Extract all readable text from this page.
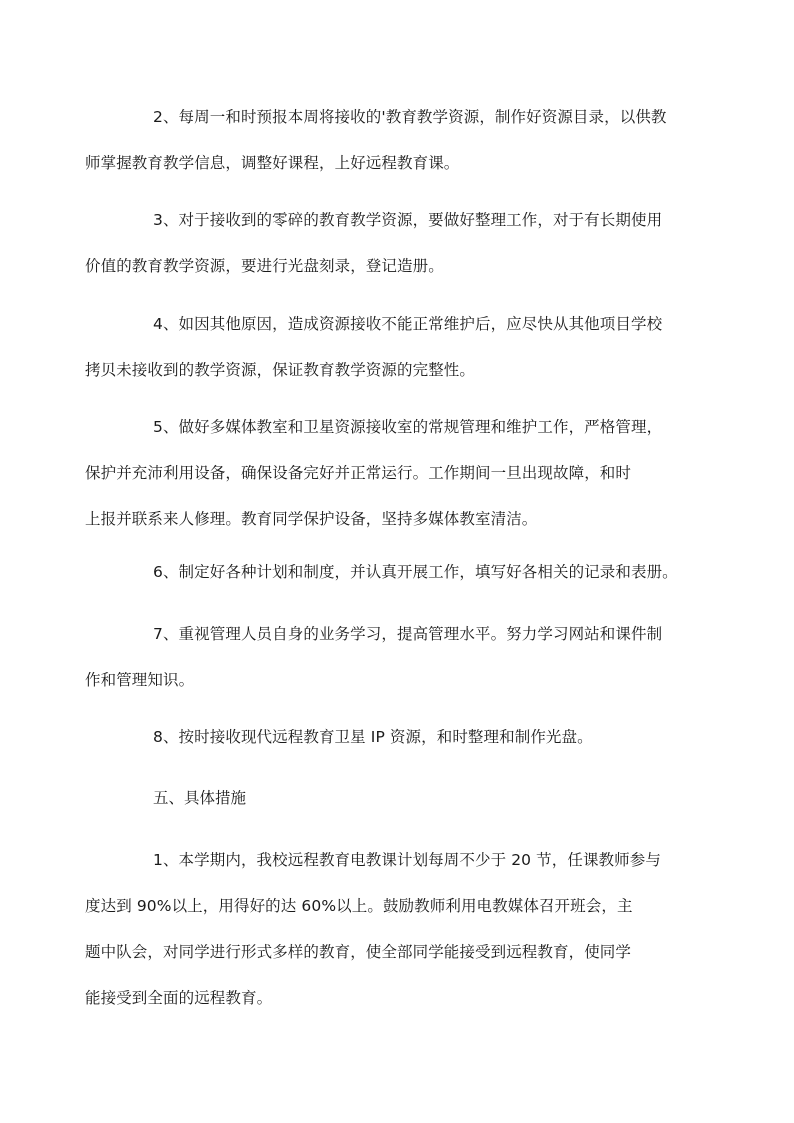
2、每周一和时预报本周将接收的'教育教学资源，制作好资源目录，以供教
师掌握教育教学信息，调整好课程，上好远程教育课。

3、对于接收到的零碎的教育教学资源，要做好整理工作，对于有长期使用
价值的教育教学资源，要进行光盘刻录，登记造册。

4、如因其他原因，造成资源接收不能正常维护后，应尽快从其他项目学校
拷贝未接收到的教学资源，保证教育教学资源的完整性。

5、做好多媒体教室和卫星资源接收室的常规管理和维护工作，严格管理，
保护并充沛利用设备，确保设备完好并正常运行。工作期间一旦出现故障，和时
上报并联系来人修理。教育同学保护设备，坚持多媒体教室清洁。

6、制定好各种计划和制度，并认真开展工作，填写好各相关的记录和表册。

7、重视管理人员自身的业务学习，提高管理水平。努力学习网站和课件制
作和管理知识。

8、按时接收现代远程教育卫星 IP 资源，和时整理和制作光盘。

五、具体措施

1、本学期内，我校远程教育电教课计划每周不少于 20 节，任课教师参与
度达到 90%以上，用得好的达 60%以上。鼓励教师利用电教媒体召开班会，主
题中队会，对同学进行形式多样的教育，使全部同学能接受到远程教育，使同学
能接受到全面的远程教育。
